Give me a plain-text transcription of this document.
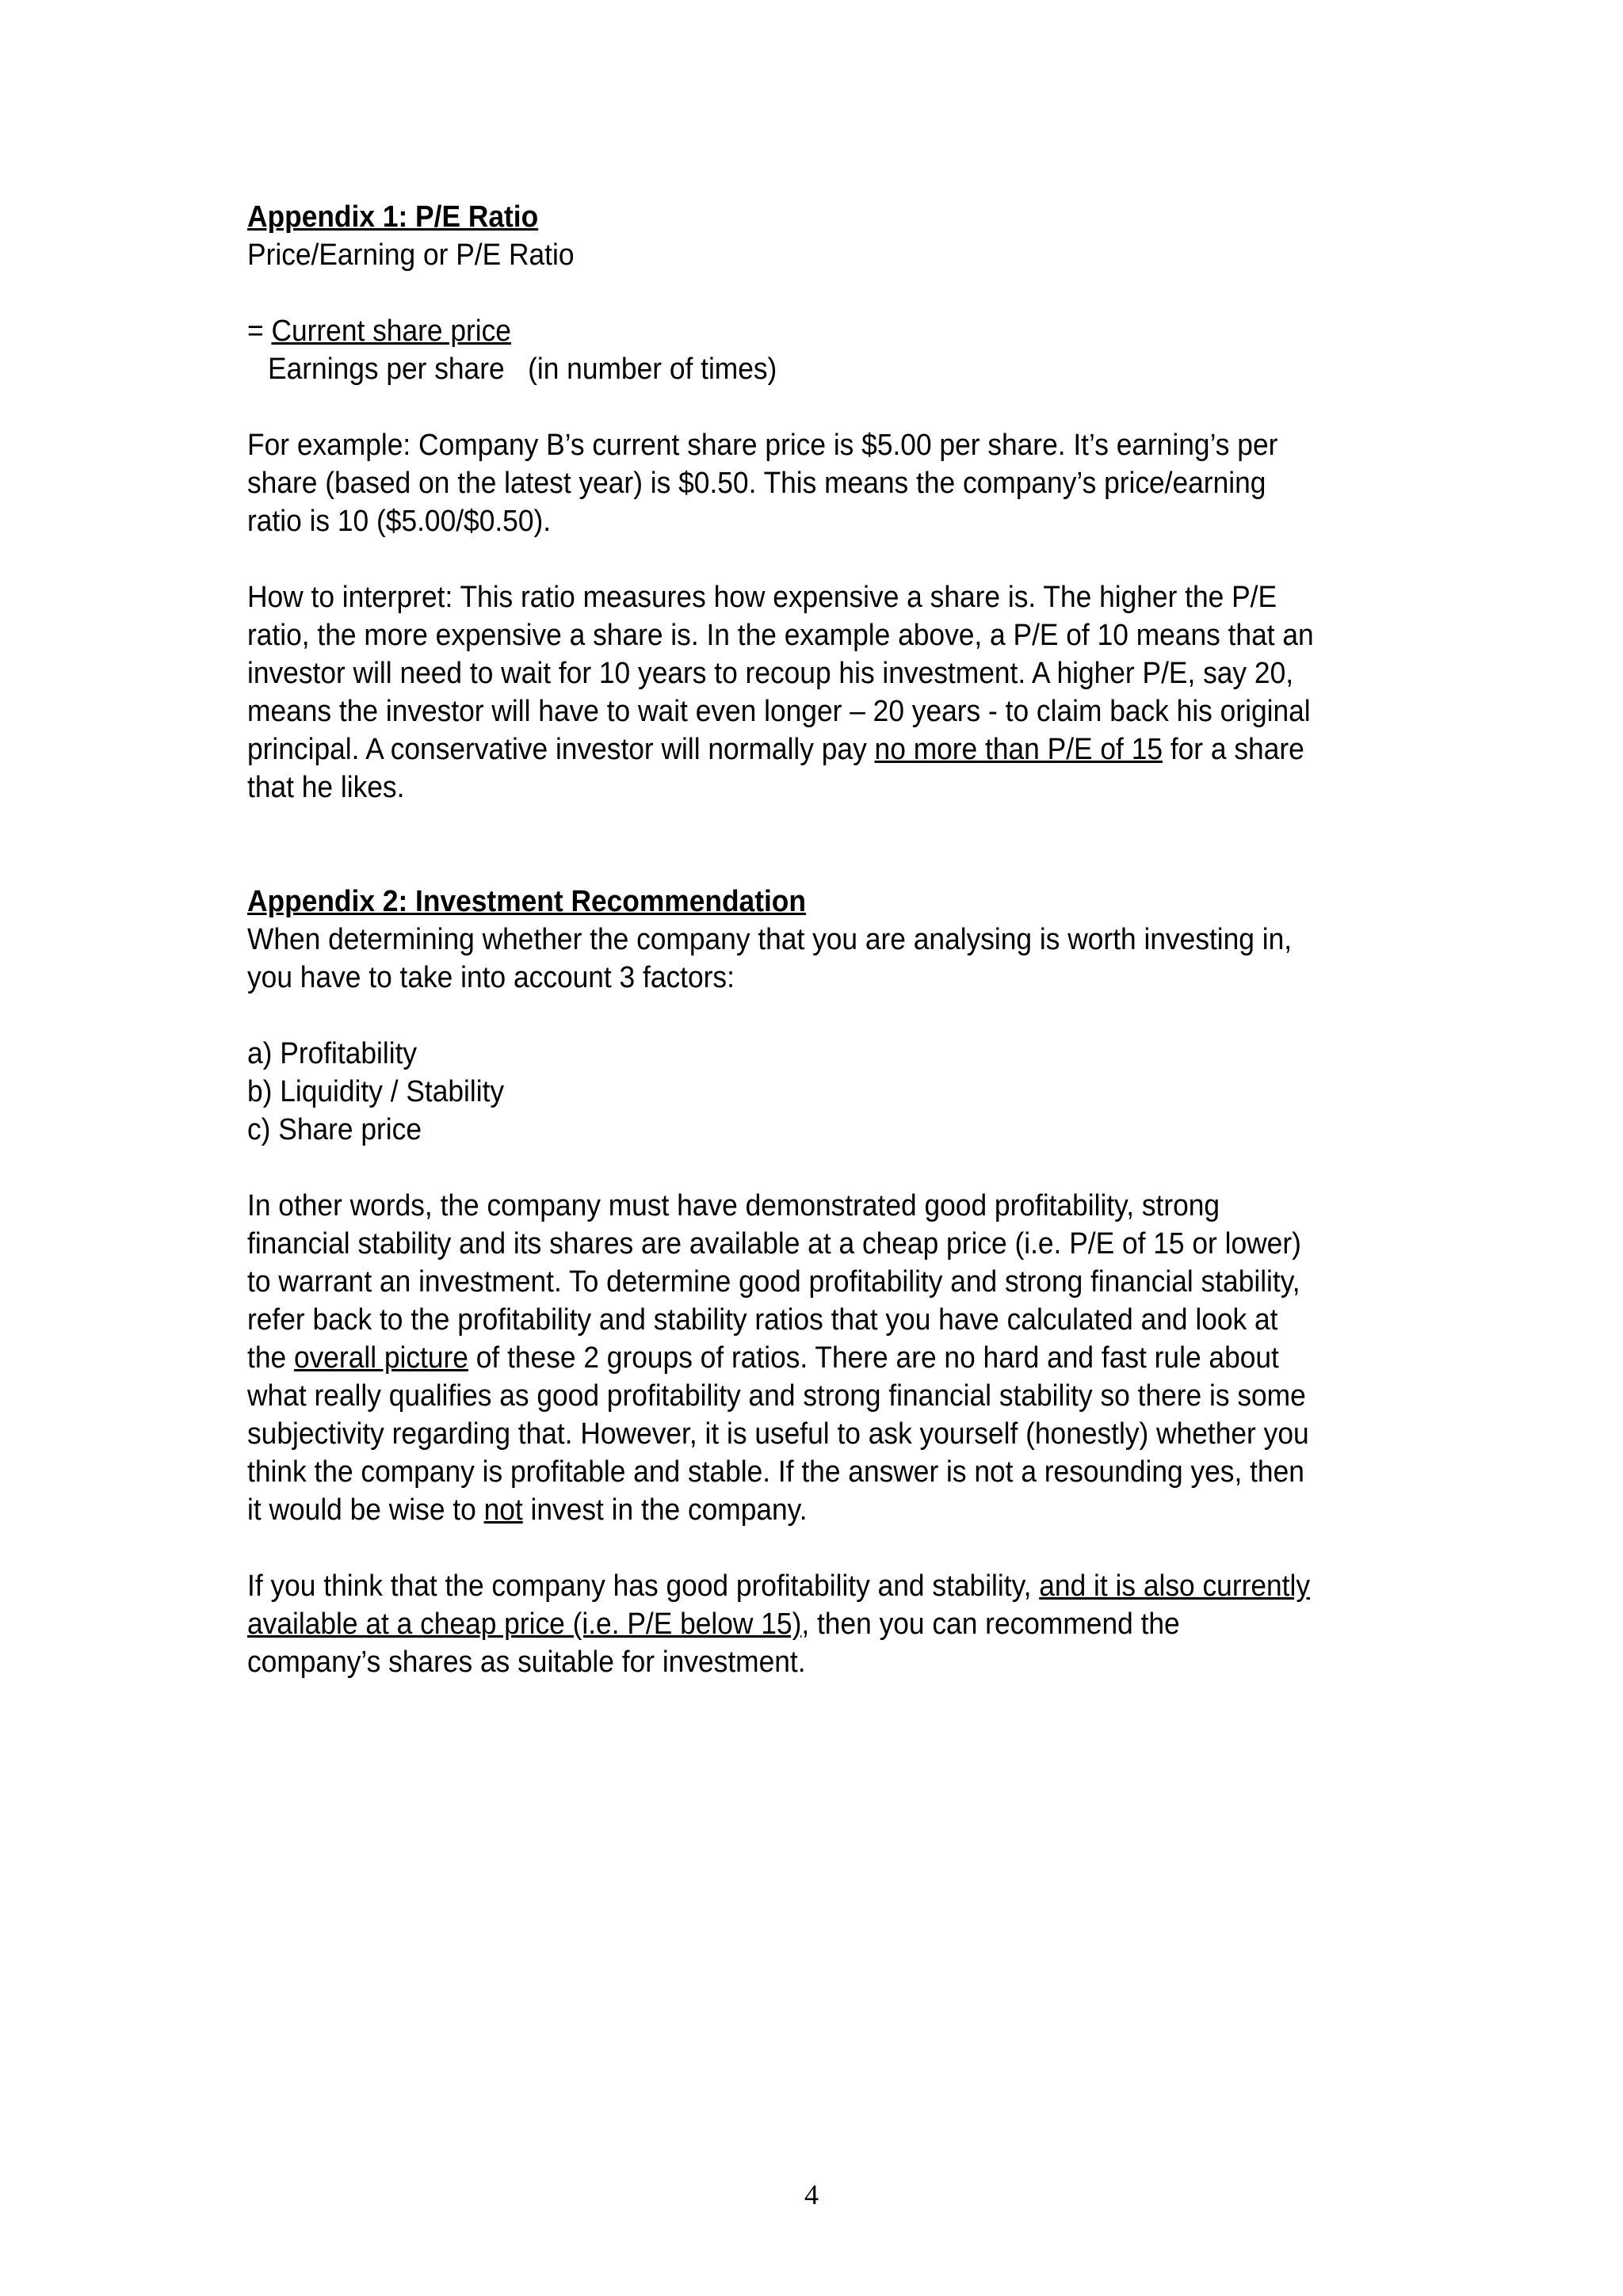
Appendix 1: P/E Ratio

Price/Earning or P/E Ratio

= Current share price

Earnings per share   (in number of times)

For example: Company B’s current share price is $5.00 per share. It’s earning’s per share (based on the latest year) is $0.50. This means the company’s price/earning ratio is 10 ($5.00/$0.50).

How to interpret: This ratio measures how expensive a share is. The higher the P/E ratio, the more expensive a share is. In the example above, a P/E of 10 means that an investor will need to wait for 10 years to recoup his investment. A higher P/E, say 20, means the investor will have to wait even longer – 20 years - to claim back his original principal. A conservative investor will normally pay no more than P/E of 15 for a share that he likes.

Appendix 2: Investment Recommendation

When determining whether the company that you are analysing is worth investing in, you have to take into account 3 factors:

a) Profitability

b) Liquidity / Stability

c) Share price

In other words, the company must have demonstrated good profitability, strong financial stability and its shares are available at a cheap price (i.e. P/E of 15 or lower) to warrant an investment. To determine good profitability and strong financial stability, refer back to the profitability and stability ratios that you have calculated and look at the overall picture of these 2 groups of ratios. There are no hard and fast rule about what really qualifies as good profitability and strong financial stability so there is some subjectivity regarding that. However, it is useful to ask yourself (honestly) whether you think the company is profitable and stable. If the answer is not a resounding yes, then it would be wise to not invest in the company.

If you think that the company has good profitability and stability, and it is also currently available at a cheap price (i.e. P/E below 15), then you can recommend the company’s shares as suitable for investment.

4
